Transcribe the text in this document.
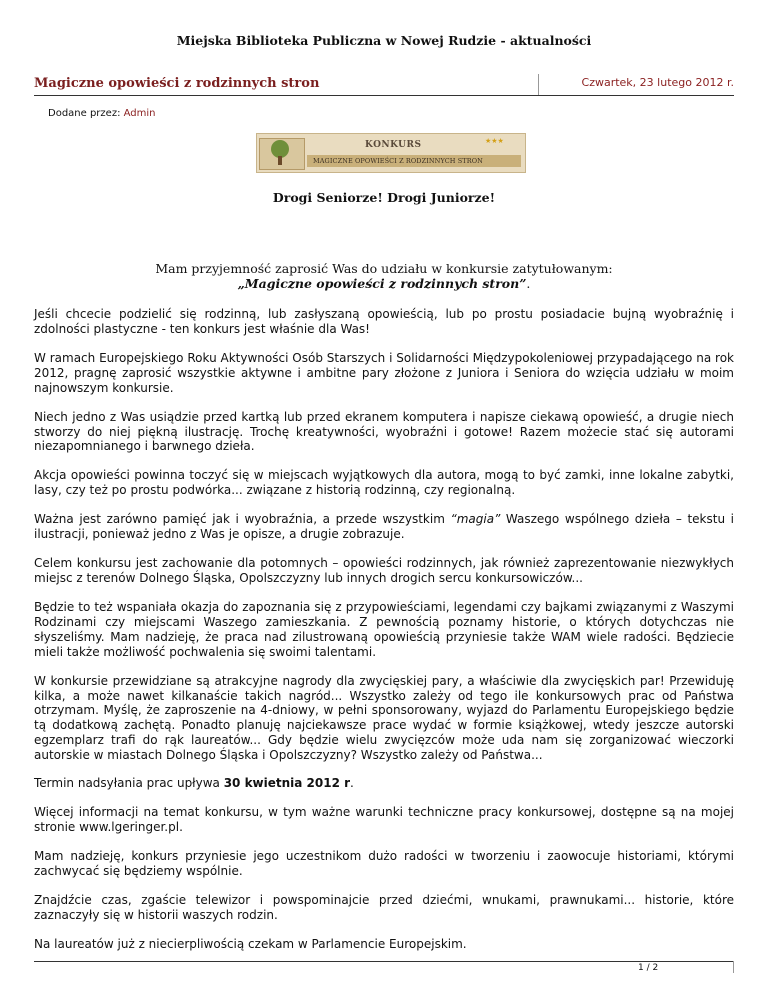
Miejska Biblioteka Publiczna w Nowej Rudzie - aktualności
Magiczne opowieści z rodzinnych stron	Czwartek, 23 lutego 2012 r.
Dodane przez: Admin
★★★
KONKURS
MAGICZNE OPOWIEŚCI Z RODZINNYCH STRON
Drogi Seniorze! Drogi Juniorze!
Mam przyjemność zaprosić Was do udziału w konkursie zatytułowanym:
„Magiczne opowieści z rodzinnych stron”.

Jeśli chcecie podzielić się rodzinną, lub zasłyszaną opowieścią, lub po prostu posiadacie bujną wyobraźnię i zdolności plastyczne - ten konkurs jest właśnie dla Was!

W ramach Europejskiego Roku Aktywności Osób Starszych i Solidarności Międzypokoleniowej przypadającego na rok 2012, pragnę zaprosić wszystkie aktywne i ambitne pary złożone z Juniora i Seniora do wzięcia udziału w moim najnowszym konkursie.

Niech jedno z Was usiądzie przed kartką lub przed ekranem komputera i napisze ciekawą opowieść, a drugie niech stworzy do niej piękną ilustrację. Trochę kreatywności, wyobraźni i gotowe! Razem możecie stać się autorami niezapomnianego i barwnego dzieła.

Akcja opowieści powinna toczyć się w miejscach wyjątkowych dla autora, mogą to być zamki, inne lokalne zabytki, lasy, czy też po prostu podwórka... związane z historią rodzinną, czy regionalną.

Ważna jest zarówno pamięć jak i wyobraźnia, a przede wszystkim “magia” Waszego wspólnego dzieła – tekstu i ilustracji, ponieważ jedno z Was je opisze, a drugie zobrazuje.

Celem konkursu jest zachowanie dla potomnych – opowieści rodzinnych, jak również zaprezentowanie niezwykłych miejsc z terenów Dolnego Śląska, Opolszczyzny lub innych drogich sercu konkursowiczów...

Będzie to też wspaniała okazja do zapoznania się z przypowieściami, legendami czy bajkami związanymi z Waszymi Rodzinami czy miejscami Waszego zamieszkania. Z pewnością poznamy historie, o których dotychczas nie słyszeliśmy. Mam nadzieję, że praca nad zilustrowaną opowieścią przyniesie także WAM wiele radości. Będziecie mieli także możliwość pochwalenia się swoimi talentami.

W konkursie przewidziane są atrakcyjne nagrody dla zwycięskiej pary, a właściwie dla zwycięskich par! Przewiduję kilka, a może nawet kilkanaście takich nagród... Wszystko zależy od tego ile konkursowych prac od Państwa otrzymam. Myślę, że zaproszenie na 4-dniowy, w pełni sponsorowany, wyjazd do Parlamentu Europejskiego będzie tą dodatkową zachętą. Ponadto planuję najciekawsze prace wydać w formie książkowej, wtedy jeszcze autorski egzemplarz trafi do rąk laureatów... Gdy będzie wielu zwycięzców może uda nam się zorganizować wieczorki autorskie w miastach Dolnego Śląska i Opolszczyzny? Wszystko zależy od Państwa...

Termin nadsyłania prac upływa 30 kwietnia 2012 r.

Więcej informacji na temat konkursu, w tym ważne warunki techniczne pracy konkursowej, dostępne są na mojej stronie www.lgeringer.pl.

1 / 2

Mam nadzieję, konkurs przyniesie jego uczestnikom dużo radości w tworzeniu i zaowocuje historiami, którymi zachwycać się będziemy wspólnie.

Znajdźcie czas, zgaście telewizor i powspominajcie przed dziećmi, wnukami, prawnukami... historie, które zaznaczyły się w historii waszych rodzin.

Na laureatów już z niecierpliwością czekam w Parlamencie Europejskim.
